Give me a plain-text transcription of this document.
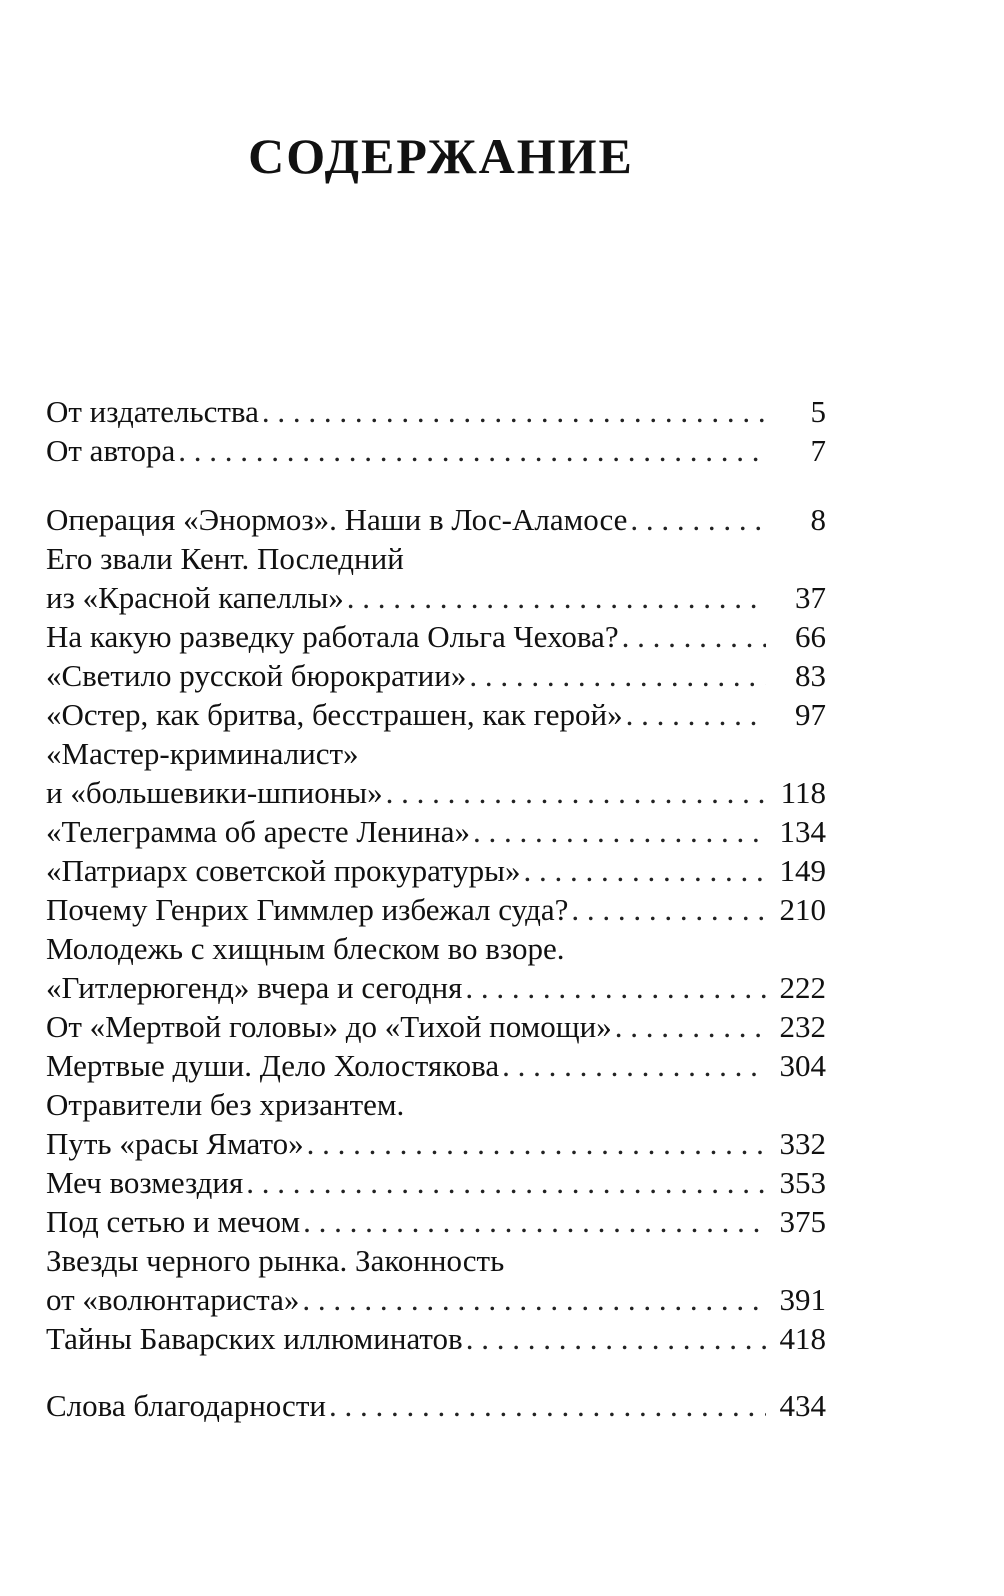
СОДЕРЖАНИЕ
От издательства . . .	5
От автора . . .	7
Операция «Энормоз». Наши в Лос-Аламосе . . .	8
Его звали Кент. Последний
из «Красной капеллы» . . .	37
На какую разведку работала Ольга Чехова? . . .	66
«Светило русской бюрократии» . . .	83
«Остер, как бритва, бесстрашен, как герой» . . .	97
«Мастер-криминалист»
и «большевики-шпионы» . . .	118
«Телеграмма об аресте Ленина» . . .	134
«Патриарх советской прокуратуры» . . .	149
Почему Генрих Гиммлер избежал суда? . . .	210
Молодежь с хищным блеском во взоре.
«Гитлерюгенд» вчера и сегодня . . .	222
От «Мертвой головы» до «Тихой помощи» . . .	232
Мертвые души. Дело Холостякова . . .	304
Отравители без хризантем.
Путь «расы Ямато» . . .	332
Меч возмездия . . .	353
Под сетью и мечом . . .	375
Звезды черного рынка. Законность
от «волюнтариста» . . .	391
Тайны Баварских иллюминатов . . .	418
Слова благодарности . . .	434
